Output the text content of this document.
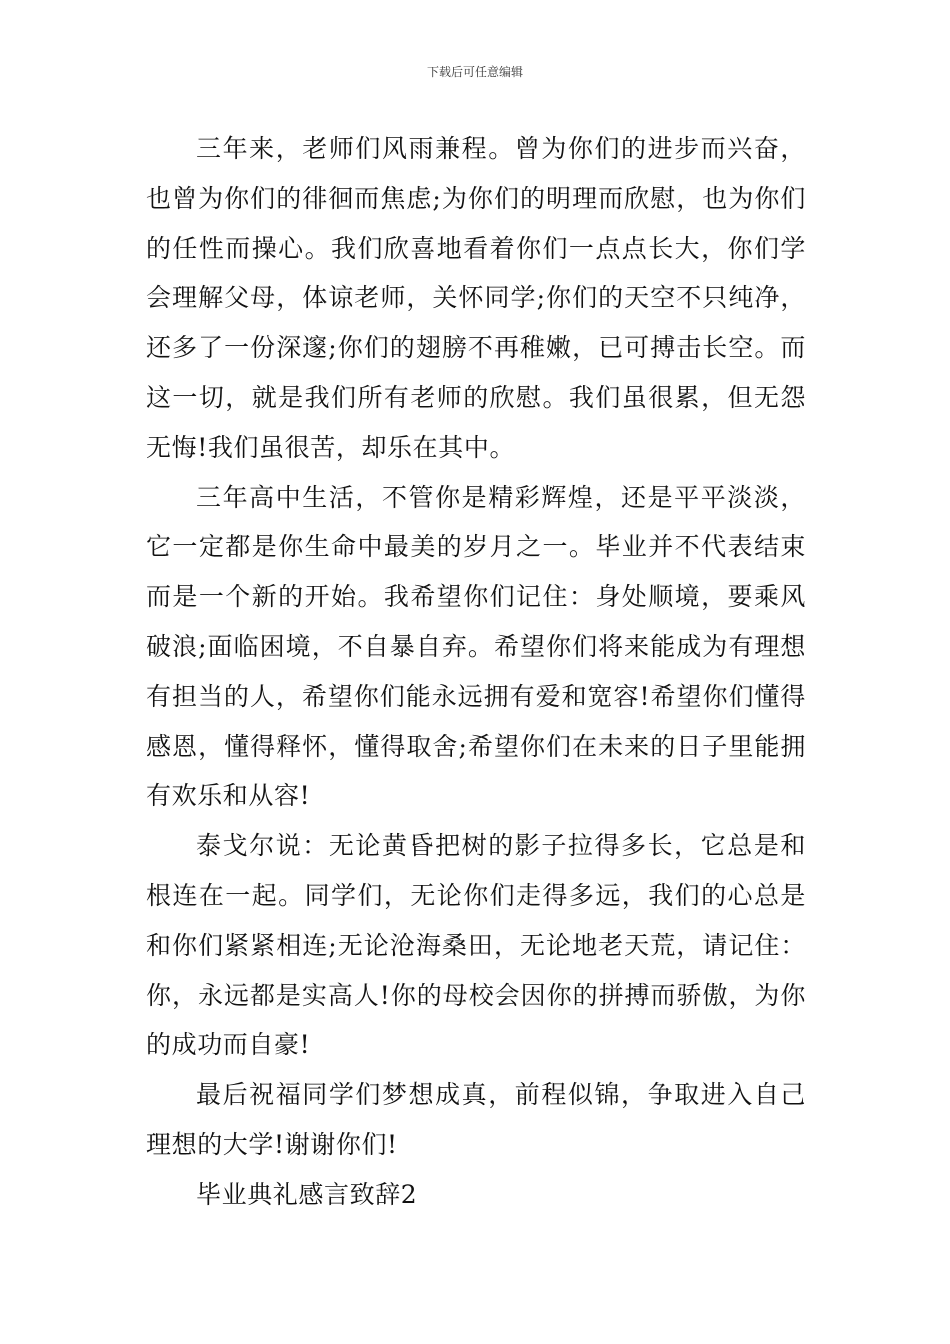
下载后可任意编辑

三年来，老师们风雨兼程。曾为你们的进步而兴奋，也曾为你们的徘徊而焦虑;为你们的明理而欣慰，也为你们的任性而操心。我们欣喜地看着你们一点点长大，你们学会理解父母，体谅老师，关怀同学;你们的天空不只纯净，还多了一份深邃;你们的翅膀不再稚嫩，已可搏击长空。而这一切，就是我们所有老师的欣慰。我们虽很累，但无怨无悔!我们虽很苦，却乐在其中。

三年高中生活，不管你是精彩辉煌，还是平平淡淡，它一定都是你生命中最美的岁月之一。毕业并不代表结束而是一个新的开始。我希望你们记住：身处顺境，要乘风破浪;面临困境，不自暴自弃。希望你们将来能成为有理想有担当的人，希望你们能永远拥有爱和宽容!希望你们懂得感恩，懂得释怀，懂得取舍;希望你们在未来的日子里能拥有欢乐和从容!

泰戈尔说：无论黄昏把树的影子拉得多长，它总是和根连在一起。同学们，无论你们走得多远，我们的心总是和你们紧紧相连;无论沧海桑田，无论地老天荒，请记住：你，永远都是实高人!你的母校会因你的拼搏而骄傲，为你的成功而自豪!

最后祝福同学们梦想成真，前程似锦，争取进入自己理想的大学!谢谢你们!

毕业典礼感言致辞2
